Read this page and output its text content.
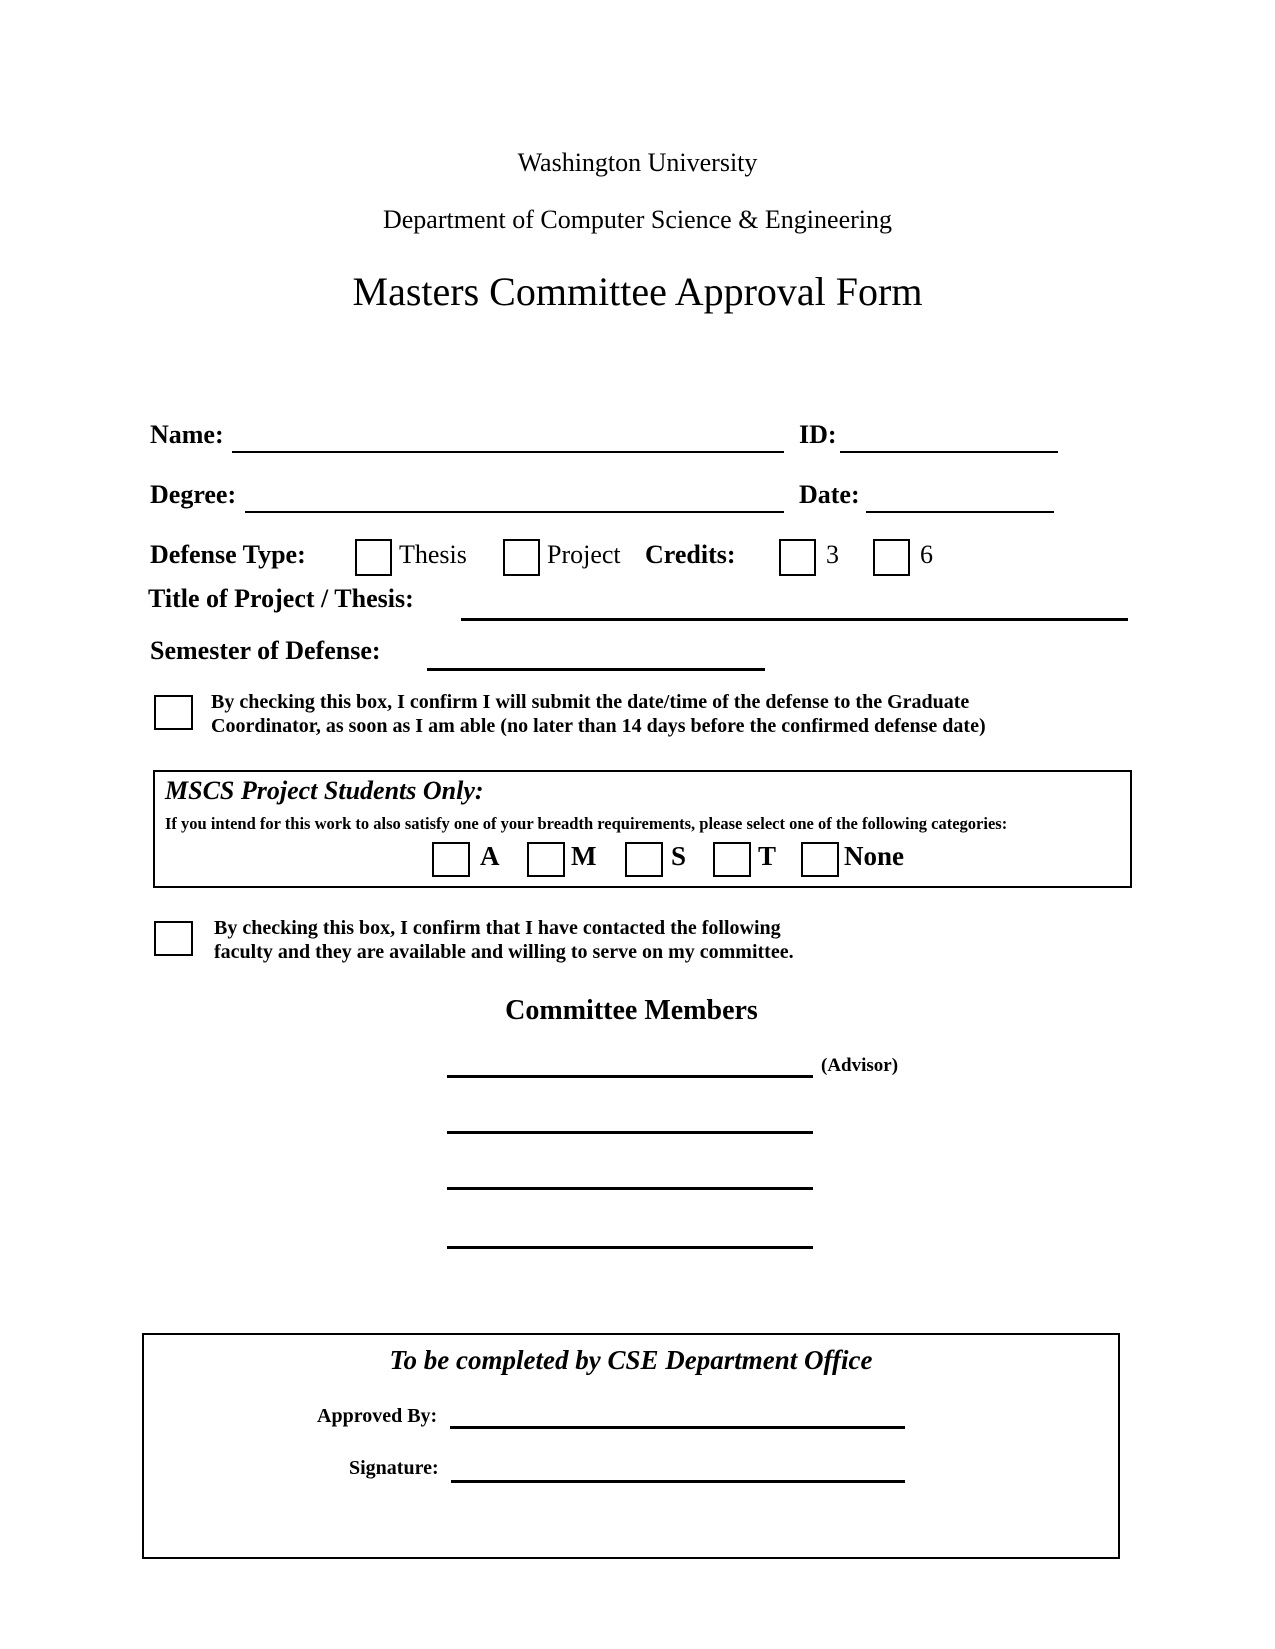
Washington University
Department of Computer Science & Engineering
Masters Committee Approval Form
Name:	ID:
Degree:	Date:
Defense Type:	Thesis	Project Credits:	3	6
Title of Project / Thesis:
Semester of Defense:
By checking this box, I confirm I will submit the date/time of the defense to the Graduate
Coordinator, as soon as I am able (no later than 14 days before the confirmed defense date)
MSCS Project Students Only:
If you intend for this work to also satisfy one of your breadth requirements, please select one of the following categories:
A	M	S	T	None
By checking this box, I confirm that I have contacted the following
faculty and they are available and willing to serve on my committee.
Committee Members
(Advisor)
To be completed by CSE Department Office
Approved By:
Signature:
